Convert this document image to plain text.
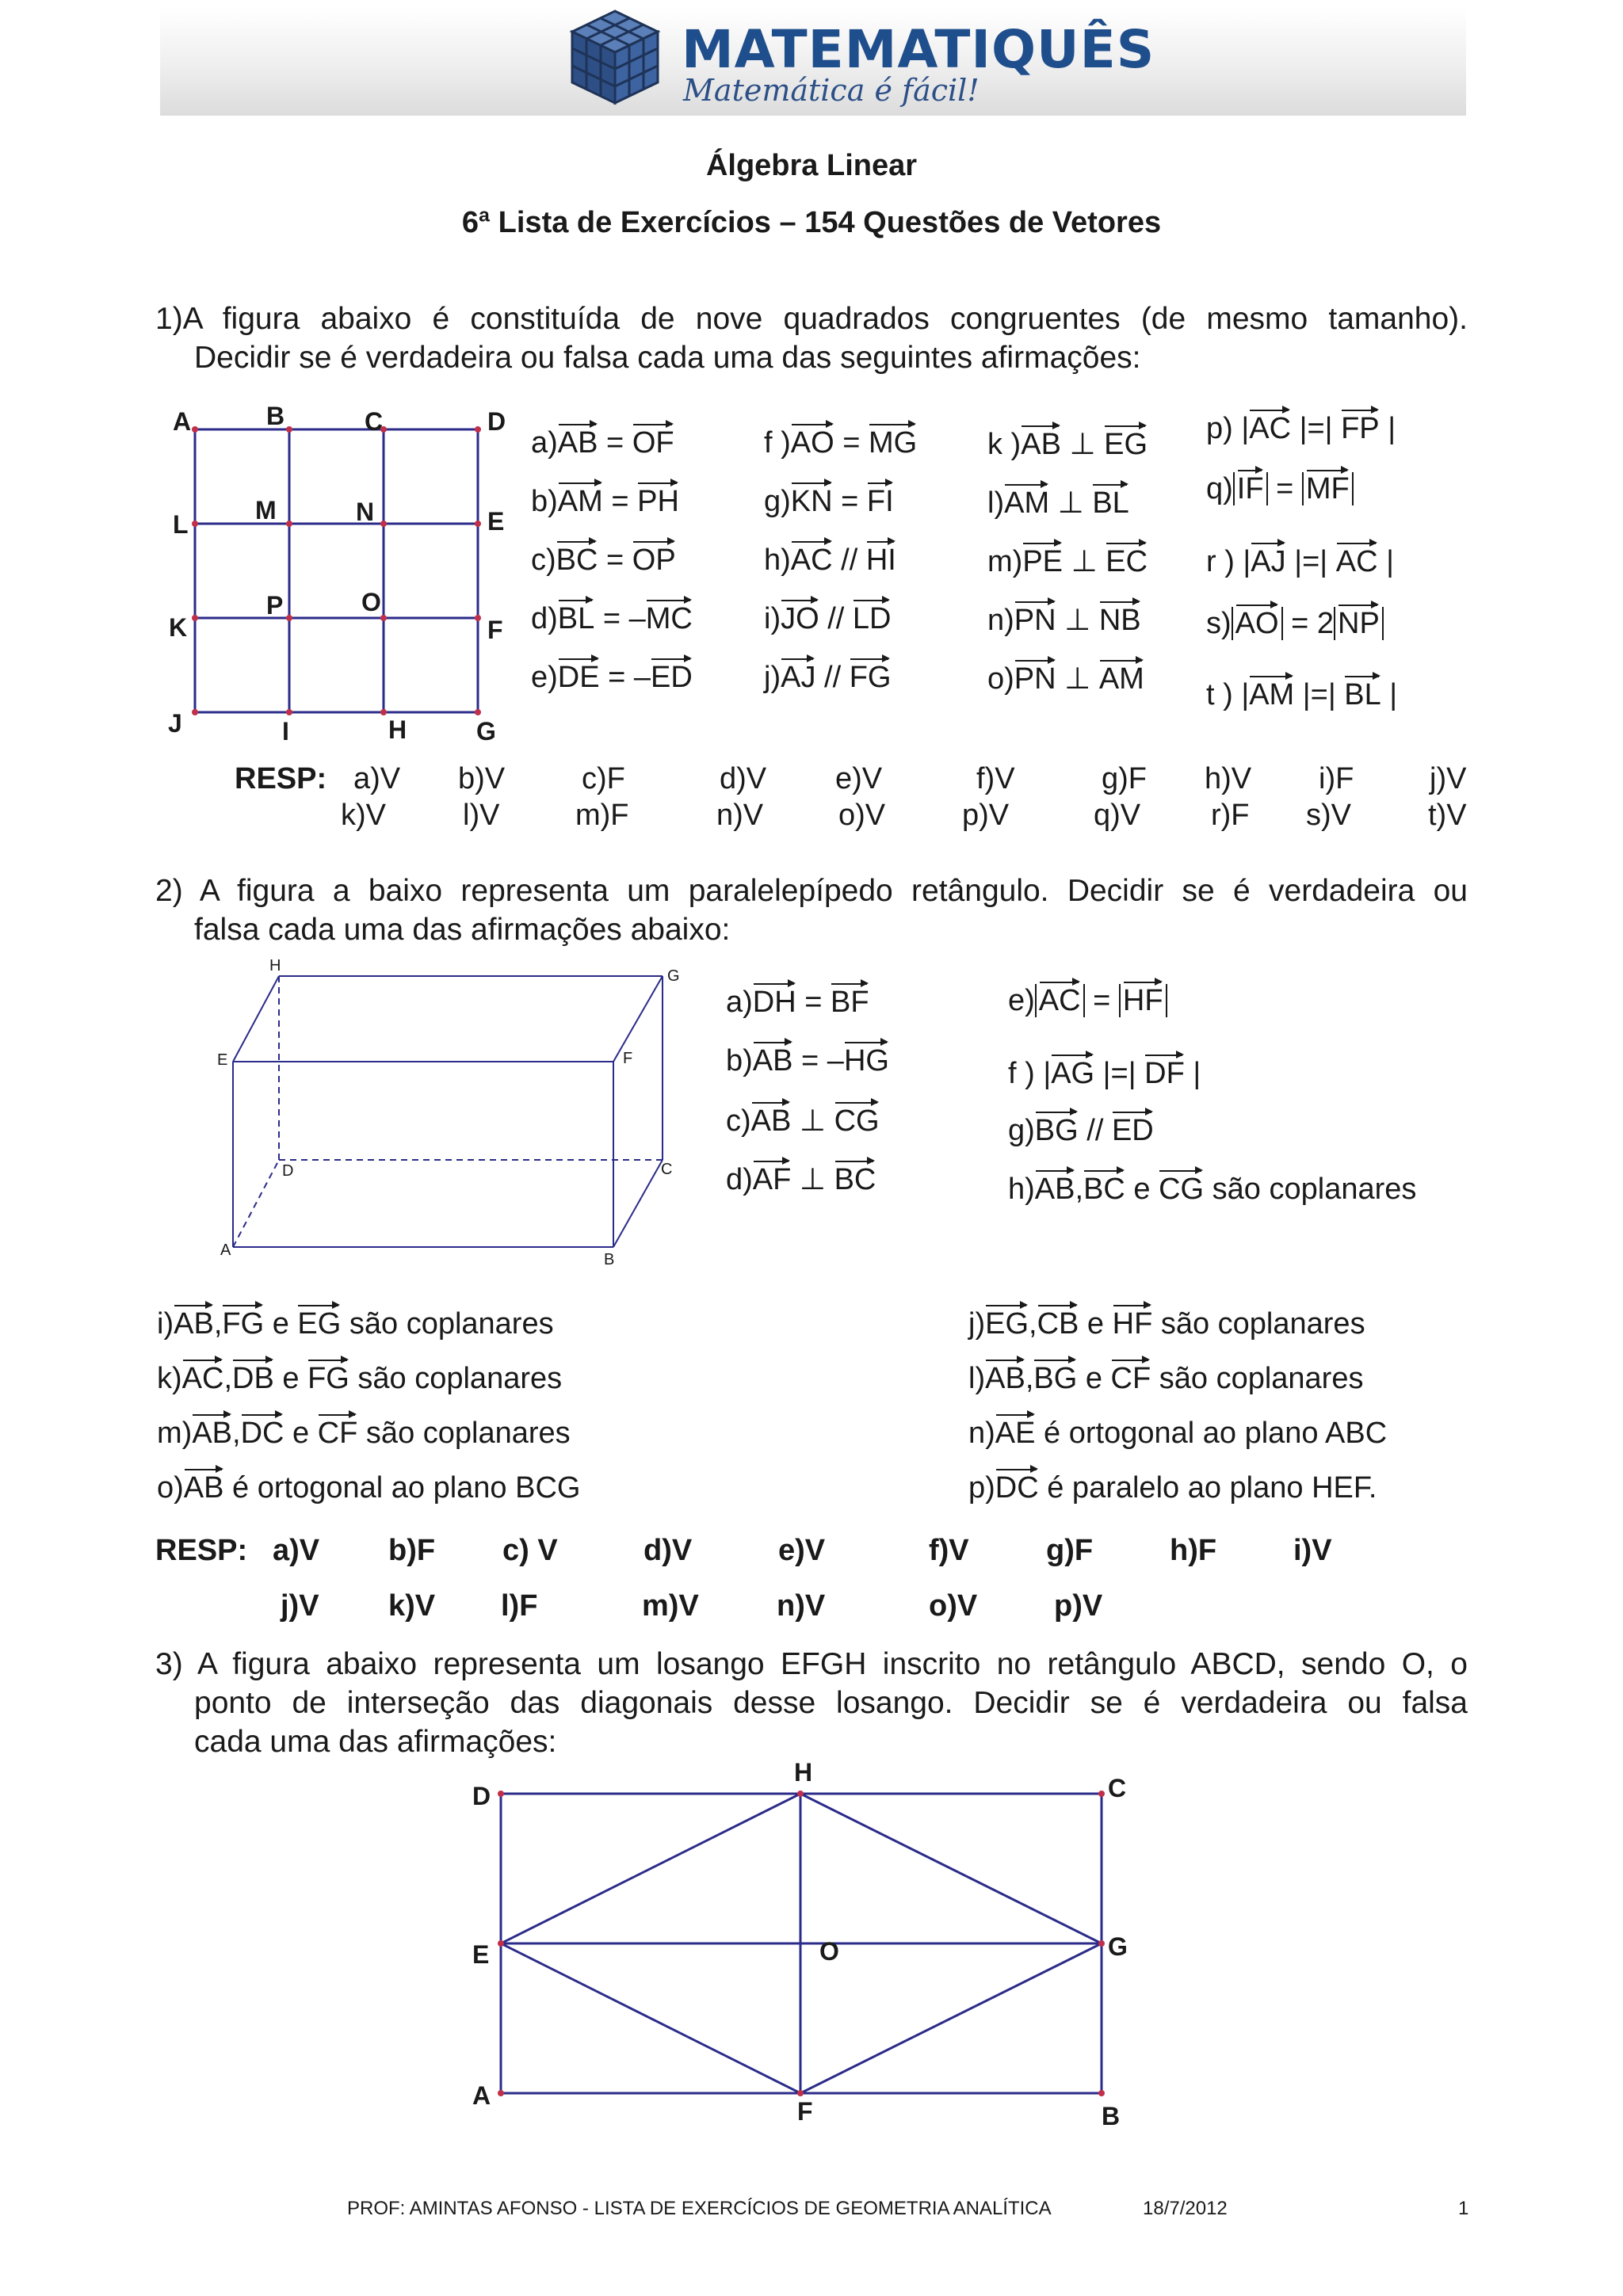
MATEMATIQUÊS
Matemática é fácil!
Álgebra Linear
6ª Lista de Exercícios – 154 Questões de Vetores
1)A figura abaixo é constituída de nove quadrados congruentes (de mesmo tamanho).
Decidir se é verdadeira ou falsa cada uma das seguintes afirmações:
A	B	C	D
L	M	N	E
K
P	O
F
J	I	H	G
a)AB = OF
b)AM = PH
c)BC = OP
d)BL = –MC
e)DE = –ED
f )AO = MG
g)KN = FI
h)AC // HI
i)JO // LD
j)AJ // FG
k )AB ⊥ EG
l)AM ⊥ BL
m)PE ⊥ EC
n)PN ⊥ NB
o)PN ⊥ AM
p) |AC |=| FP |
q) IF = MF
r ) |AJ |=| AC |
s) AO = 2 NP
t ) |AM |=| BL |
RESP: a)V b)V	c)F	d)V e)V	f)V	g)F h)V i)F	j)V
k)V	l)V	m)F	n)V o)V	p)V	q)V r)F s)V	t)V
2) A figura a baixo representa um paralelepípedo retângulo. Decidir se é verdadeira ou
falsa cada uma das afirmações abaixo:
H
G
E	F
D	C
A
B
a)DH = BF
b)AB = –HG
c)AB ⊥ CG
d)AF ⊥ BC
e) AC = HF
f ) |AG |=| DF |
g)BG // ED
h)AB,BC e CG são coplanares
i)AB,FG e EG são coplanares
k)AC,DB e FG são coplanares
m)AB,DC e CF são coplanares
o)AB é ortogonal ao plano BCG
j)EG,CB e HF são coplanares
l)AB,BG e CF são coplanares
n)AE é ortogonal ao plano ABC
p)DC é paralelo ao plano HEF.
RESP: a)V b)F c) V	d)V	e)V	f)V	g)F	h)F	i)V
j)V k)V l)F	m)V	n)V	o)V	p)V
3) A figura abaixo representa um losango EFGH inscrito no retângulo ABCD, sendo O, o
ponto de interseção das diagonais desse losango. Decidir se é verdadeira ou falsa
cada uma das afirmações:
D
H
C
E	O	G
A
F	B
PROF: AMINTAS AFONSO - LISTA DE EXERCÍCIOS DE GEOMETRIA ANALÍTICA	18/7/2012	1
